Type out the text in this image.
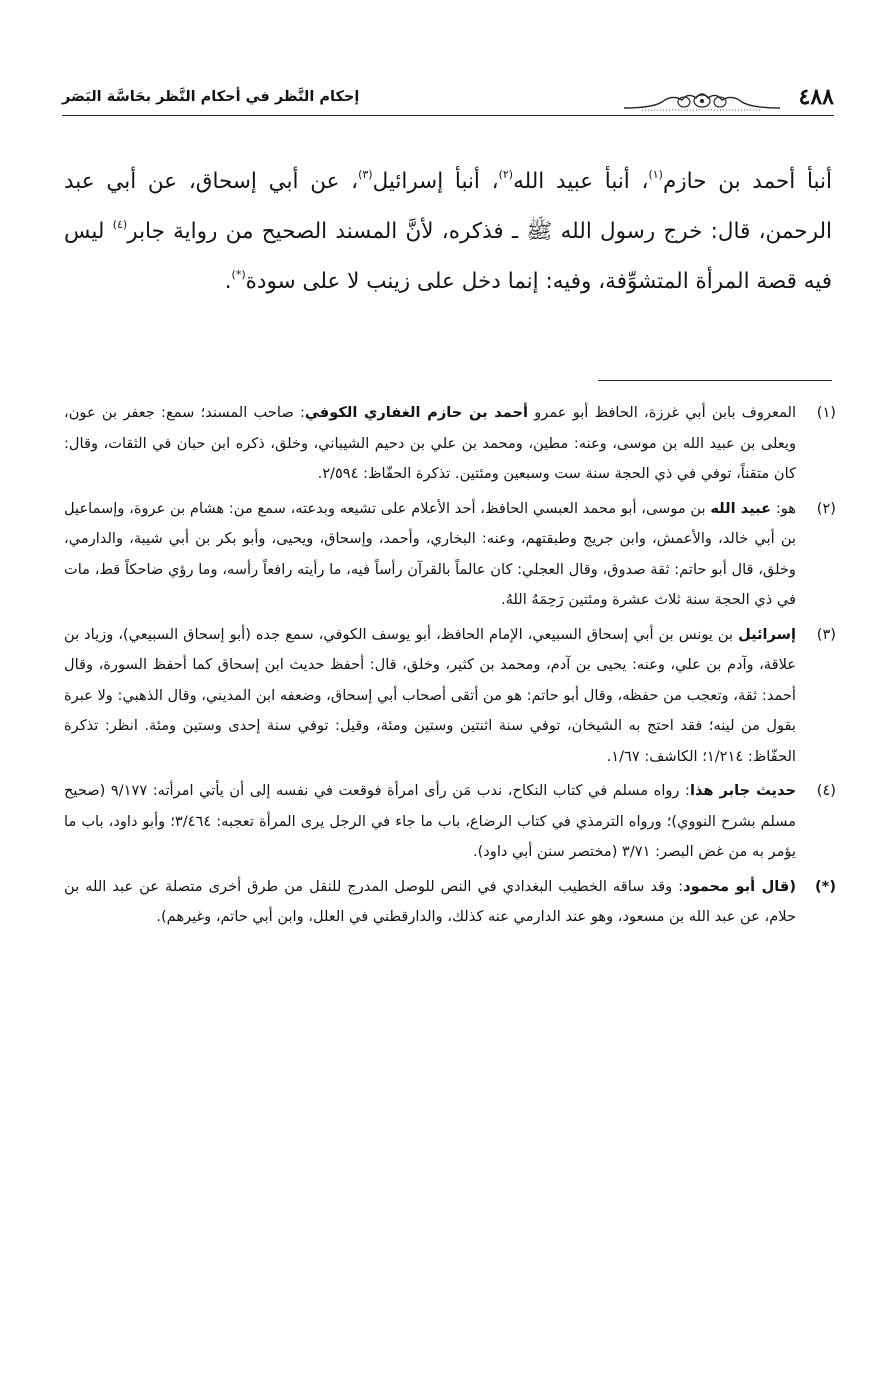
٤٨٨
إحكام النَّظر في أحكام النَّظر بحَاسَّة البَصَر

أنبأ أحمد بن حازم$^{(١)}$، أنبأ عبيد الله$^{(٢)}$، أنبأ إسرائيل$^{(٣)}$، عن أبي إسحاق، عن أبي عبد الرحمن، قال: خرج رسول الله ﷺ ـ فذكره، لأنَّ المسند الصحيح من رواية جابر$^{(٤)}$ ليس فيه قصة المرأة المتشوِّفة، وفيه: إنما دخل على زينب لا على سودة(*).

(١)
المعروف بابن أبي غرزة، الحافظ أبو عمرو أحمد بن حازم الغفاري الكوفي: صاحب المسند؛ سمع: جعفر بن عون، ويعلى بن عبيد الله بن موسى، وعنه: مطين، ومحمد بن علي بن دحيم الشيباني، وخلق، ذكره ابن حبان في الثقات، وقال: كان متقناً، توفي في ذي الحجة سنة ست وسبعين ومئتين. تذكرة الحفّاظ: ٢/٥٩٤.
(٢)
هو: عبيد الله بن موسى، أبو محمد العبسي الحافظ، أحد الأعلام على تشيعه وبدعته، سمع من: هشام بن عروة، وإسماعيل بن أبي خالد، والأعمش، وابن جريج وطبقتهم، وعنه: البخاري، وأحمد، وإسحاق، ويحيى، وأبو بكر بن أبي شيبة، والدارمي، وخلق، قال أبو حاتم: ثقة صدوق، وقال العجلي: كان عالماً بالقرآن رأساً فيه، ما رأيته رافعاً رأسه، وما رؤي ضاحكاً قط، مات في ذي الحجة سنة ثلاث عشرة ومئتين رَحِمَهُ اللهُ.
(٣)
إسرائيل بن يونس بن أبي إسحاق السبيعي، الإمام الحافظ، أبو يوسف الكوفي، سمع جده (أبو إسحاق السبيعي)، وزياد بن علاقة، وآدم بن علي، وعنه: يحيى بن آدم، ومحمد بن كثير، وخلق، قال: أحفظ حديث ابن إسحاق كما أحفظ السورة، وقال أحمد: ثقة، وتعجب من حفظه، وقال أبو حاتم: هو من أتقى أصحاب أبي إسحاق، وضعفه ابن المديني، وقال الذهبي: ولا عبرة بقول من لينه؛ فقد احتج به الشيخان، توفي سنة اثنتين وستين ومئة، وقيل: توفي سنة إحدى وستين ومئة. انظر: تذكرة الحفّاظ: ١/٢١٤؛ الكاشف: ١/٦٧.
(٤)
حديث جابر هذا: رواه مسلم في كتاب النكاح، ندب مَن رأى امرأة فوقعت في نفسه إلى أن يأتي امرأته: ٩/١٧٧ (صحيح مسلم بشرح النووي)؛ ورواه الترمذي في كتاب الرضاع، باب ما جاء في الرجل يرى المرأة تعجبه: ٣/٤٦٤؛ وأبو داود، باب ما يؤمر به من غض البصر: ٣/٧١ (مختصر سنن أبي داود).
(*)
(قال أبو محمود: وقد ساقه الخطيب البغدادي في النص للوصل المدرج للنقل من طرق أخرى متصلة عن عبد الله بن حلام، عن عبد الله بن مسعود، وهو عند الدارمي عنه كذلك، والدارقطني في العلل، وابن أبي حاتم، وغيرهم).
